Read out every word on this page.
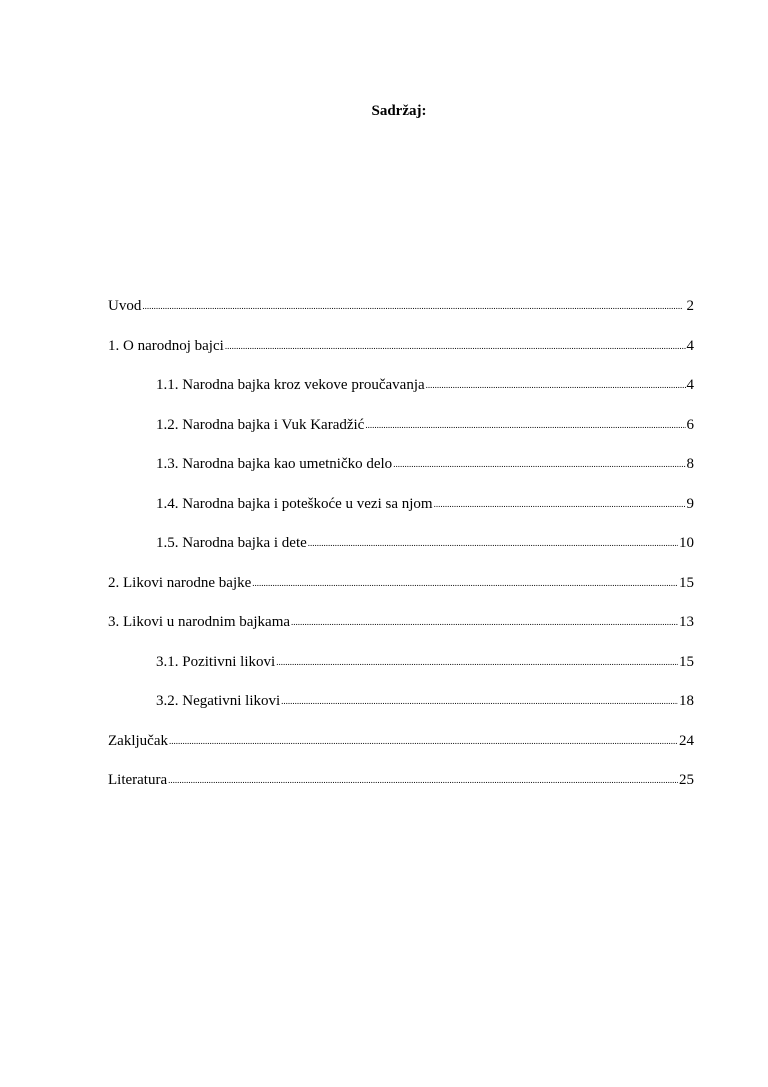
Sadržaj:
Uvod .....	2
1. O narodnoj bajci .....	4
1.1. Narodna bajka kroz vekove proučavanja .....	4
1.2. Narodna bajka i Vuk Karadžić .....	6
1.3. Narodna bajka kao umetničko delo .....	8
1.4. Narodna bajka i poteškoće u vezi sa njom .....	9
1.5. Narodna bajka i dete .....	10
2. Likovi narodne bajke .....	15
3. Likovi u narodnim bajkama .....	13
3.1. Pozitivni likovi .....	15
3.2. Negativni likovi .....	18
Zaključak .....	24
Literatura .....	25
